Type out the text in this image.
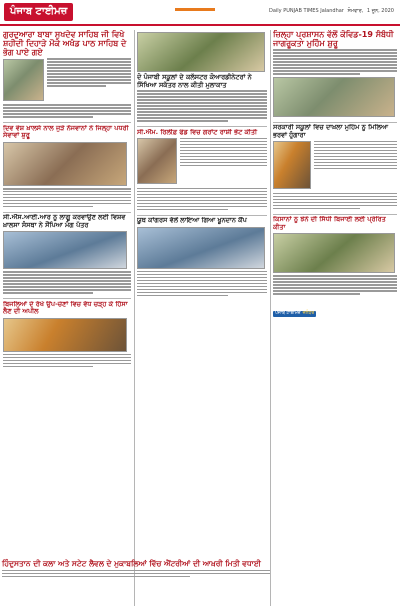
ਪੰਜਾਬ ਟਾਈਮਜ਼	Daily PUNJAB TIMES Jalandhar ਸੋਮਵਾਰ, 1 ਜੂਨ, 2020
ਗੁਰਦੁਆਰਾ ਬਾਬਾ ਸੁਖਦੇਵ ਸਾਹਿਬ ਜੀ ਵਿਖੇ ਸ਼ਹੀਦੀ ਦਿਹਾੜੇ ਮੌਕੇ ਅਖੰਡ ਪਾਠ ਸਾਹਿਬ ਦੇ ਭੋਗ ਪਾਏ ਗਏ
ਦਿਵ ਵੰਸ਼ ਖ਼ਾਲਸੇ ਨਾਲ ਜੁੜੇ ਨੌਜਵਾਨਾਂ ਨੇ ਜਿਲ੍ਹਾ ਪਧਰੀ ਸੇਵਾਵਾਂ ਸ਼ੁਰੂ
ਸੀ.ਐੱਸ.ਆਈ.ਆਰ ਨੂੰ ਲਾਗੂ ਕਰਵਾਉਣ ਲਈ ਵਿਸ਼ਵ ਖ਼ਾਲਸਾ ਸੰਸਥਾ ਨੇ ਸੌਂਪਿਆ ਮੰਗ ਪੱਤਰ
ਬਿਜਲਿਆਂ ਦੇ ਰੱਖੇ ਉਪ-ਚੋਣਾਂ ਵਿਚ ਵੱਧ ਚੜ੍ਹ ਕੇ ਹਿੱਸਾ ਲੈਣ ਦੀ ਅਪੀਲ
ਦੋ ਪੰਜਾਬੀ ਸਕੂਲਾਂ ਦੇ ਕਲੱਸਟਰ ਕੋਆਰਡੀਨੇਟਰਾਂ ਨੇ ਸਿੱਖਿਆ ਸਕੱਤਰ ਨਾਲ ਕੀਤੀ ਮੁਲਾਕਾਤ
ਸੀ.ਐੱਮ. ਰਿਲੀਫ਼ ਫੰਡ ਵਿਚ ਗਰਾਂਟ ਰਾਸ਼ੀ ਭੇਟ ਕੀਤੀ
ਯੂਥ ਕਾਂਗਰਸ ਵੱਲੋਂ ਲਾਇਆ ਗਿਆ ਖੂਨਦਾਨ ਕੈਂਪ
ਜ਼ਿਲ੍ਹਾ ਪ੍ਰਸ਼ਾਸਨ ਵੱਲੋਂ ਕੋਵਿਡ-19 ਸੰਬੰਧੀ ਜਾਗਰੂਕਤਾ ਮੁਹਿੰਮ ਸ਼ੁਰੂ
ਸਰਕਾਰੀ ਸਕੂਲਾਂ ਵਿਚ ਦਾਖ਼ਲਾ ਮੁਹਿੰਮ ਨੂੰ ਮਿਲਿਆ ਭਰਵਾਂ ਹੁੰਗਾਰਾ
ਕਿਸਾਨਾਂ ਨੂੰ ਝੋਨੇ ਦੀ ਸਿੱਧੀ ਬਿਜਾਈ ਲਈ ਪ੍ਰੇਰਿਤ ਕੀਤਾ
ਪੰਜਾਬ ਟਾਈਮਜ਼ ਜਲੰਧਰ
ਹਿੰਦੁਸਤਾਨ ਦੀ ਕਲਾ ਅਤੇ ਸਟੇਟ ਲੈਵਲ ਦੇ ਮੁਕਾਬਲਿਆਂ ਵਿੱਚ ਐਂਟਰੀਆਂ ਦੀ ਆਖ਼ਰੀ ਮਿਤੀ ਵਧਾਈ
